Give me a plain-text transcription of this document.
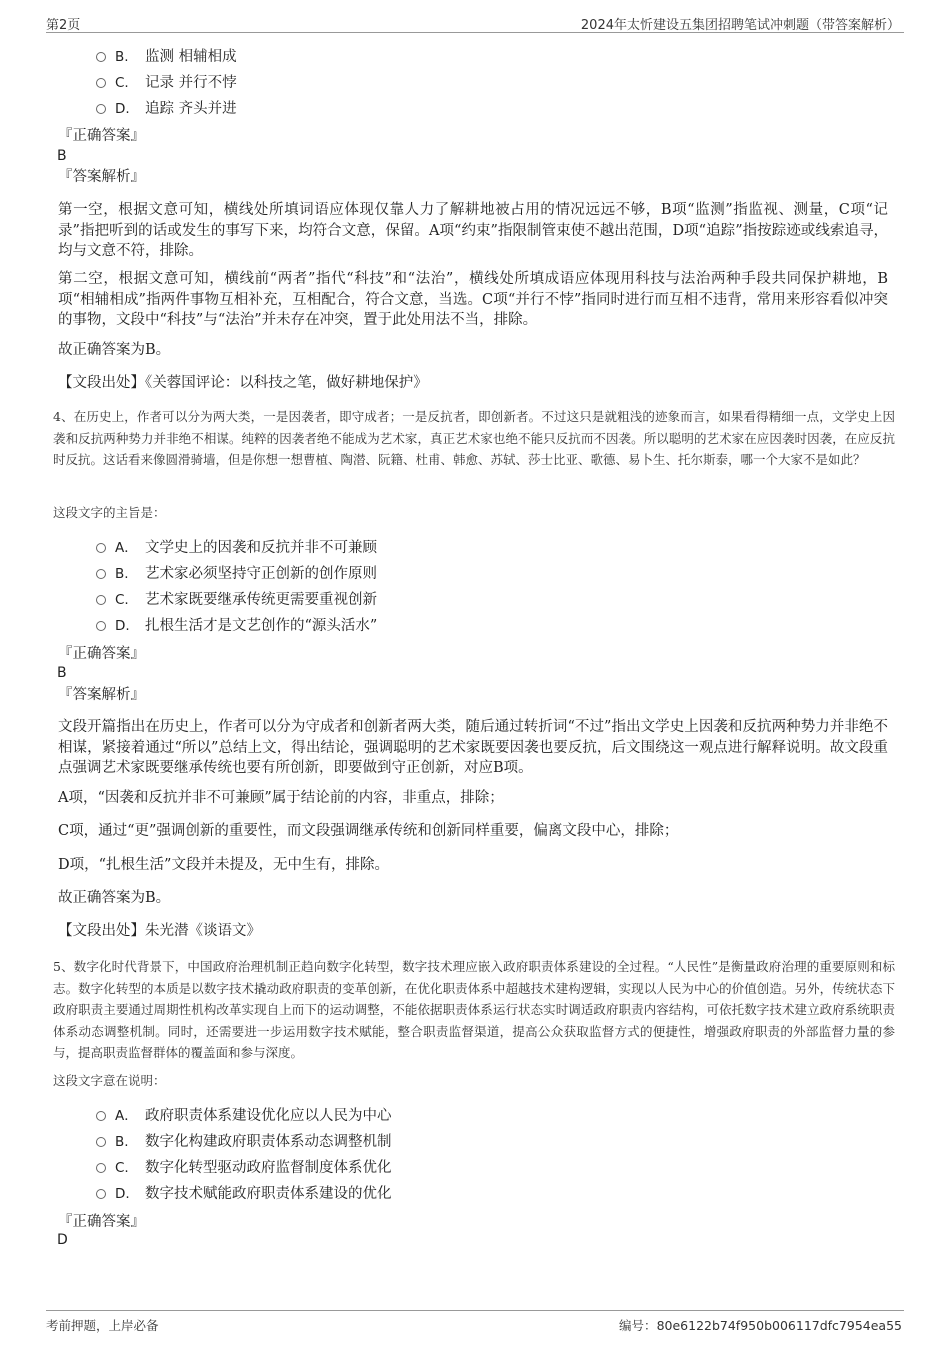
第2页	2024年太忻建设五集团招聘笔试冲刺题（带答案解析）
B. 监测 相辅相成
C. 记录 并行不悖
D. 追踪 齐头并进
『正确答案』
B
『答案解析』
第一空，根据文意可知，横线处所填词语应体现仅靠人力了解耕地被占用的情况远远不够，B项“监测”指监视、测量，C项“记录”指把听到的话或发生的事写下来，均符合文意，保留。A项“约束”指限制管束使不越出范围，D项“追踪”指按踪迹或线索追寻，均与文意不符，排除。
第二空，根据文意可知，横线前“两者”指代“科技”和“法治”，横线处所填成语应体现用科技与法治两种手段共同保护耕地，B项“相辅相成”指两件事物互相补充，互相配合，符合文意，当选。C项“并行不悖”指同时进行而互相不违背，常用来形容看似冲突的事物，文段中“科技”与“法治”并未存在冲突，置于此处用法不当，排除。
故正确答案为B。
【文段出处】《关蓉国评论：以科技之笔，做好耕地保护》
4、在历史上，作者可以分为两大类，一是因袭者，即守成者；一是反抗者，即创新者。不过这只是就粗浅的迹象而言，如果看得精细一点，文学史上因袭和反抗两种势力并非绝不相谋。纯粹的因袭者绝不能成为艺术家，真正艺术家也绝不能只反抗而不因袭。所以聪明的艺术家在应因袭时因袭，在应反抗时反抗。这话看来像圆滑骑墙，但是你想一想曹植、陶潜、阮籍、杜甫、韩愈、苏轼、莎士比亚、歌德、易卜生、托尔斯泰，哪一个大家不是如此？
这段文字的主旨是：
A． 文学史上的因袭和反抗并非不可兼顾
B. 艺术家必须坚持守正创新的创作原则
C. 艺术家既要继承传统更需要重视创新
D. 扎根生活才是文艺创作的“源头活水”
『正确答案』
B
『答案解析』
文段开篇指出在历史上，作者可以分为守成者和创新者两大类，随后通过转折词“不过”指出文学史上因袭和反抗两种势力并非绝不相谋，紧接着通过“所以”总结上文，得出结论，强调聪明的艺术家既要因袭也要反抗，后文围绕这一观点进行解释说明。故文段重点强调艺术家既要继承传统也要有所创新，即要做到守正创新，对应B项。
A项，“因袭和反抗并非不可兼顾”属于结论前的内容，非重点，排除；
C项，通过“更”强调创新的重要性，而文段强调继承传统和创新同样重要，偏离文段中心，排除；
D项，“扎根生活”文段并未提及，无中生有，排除。
故正确答案为B。
【文段出处】朱光潜《谈语文》
5、数字化时代背景下，中国政府治理机制正趋向数字化转型，数字技术理应嵌入政府职责体系建设的全过程。“人民性”是衡量政府治理的重要原则和标志。数字化转型的本质是以数字技术撬动政府职责的变革创新，在优化职责体系中超越技术建构逻辑，实现以人民为中心的价值创造。另外，传统状态下政府职责主要通过周期性机构改革实现自上而下的运动调整，不能依据职责体系运行状态实时调适政府职责内容结构，可依托数字技术建立政府系统职责体系动态调整机制。同时，还需要进一步运用数字技术赋能，整合职责监督渠道，提高公众获取监督方式的便捷性，增强政府职责的外部监督力量的参与，提高职责监督群体的覆盖面和参与深度。
这段文字意在说明：
A． 政府职责体系建设优化应以人民为中心
B. 数字化构建政府职责体系动态调整机制
C. 数字化转型驱动政府监督制度体系优化
D. 数字技术赋能政府职责体系建设的优化
『正确答案』
D
考前押题，上岸必备	编号：80e6122b74f950b006117dfc7954ea55
